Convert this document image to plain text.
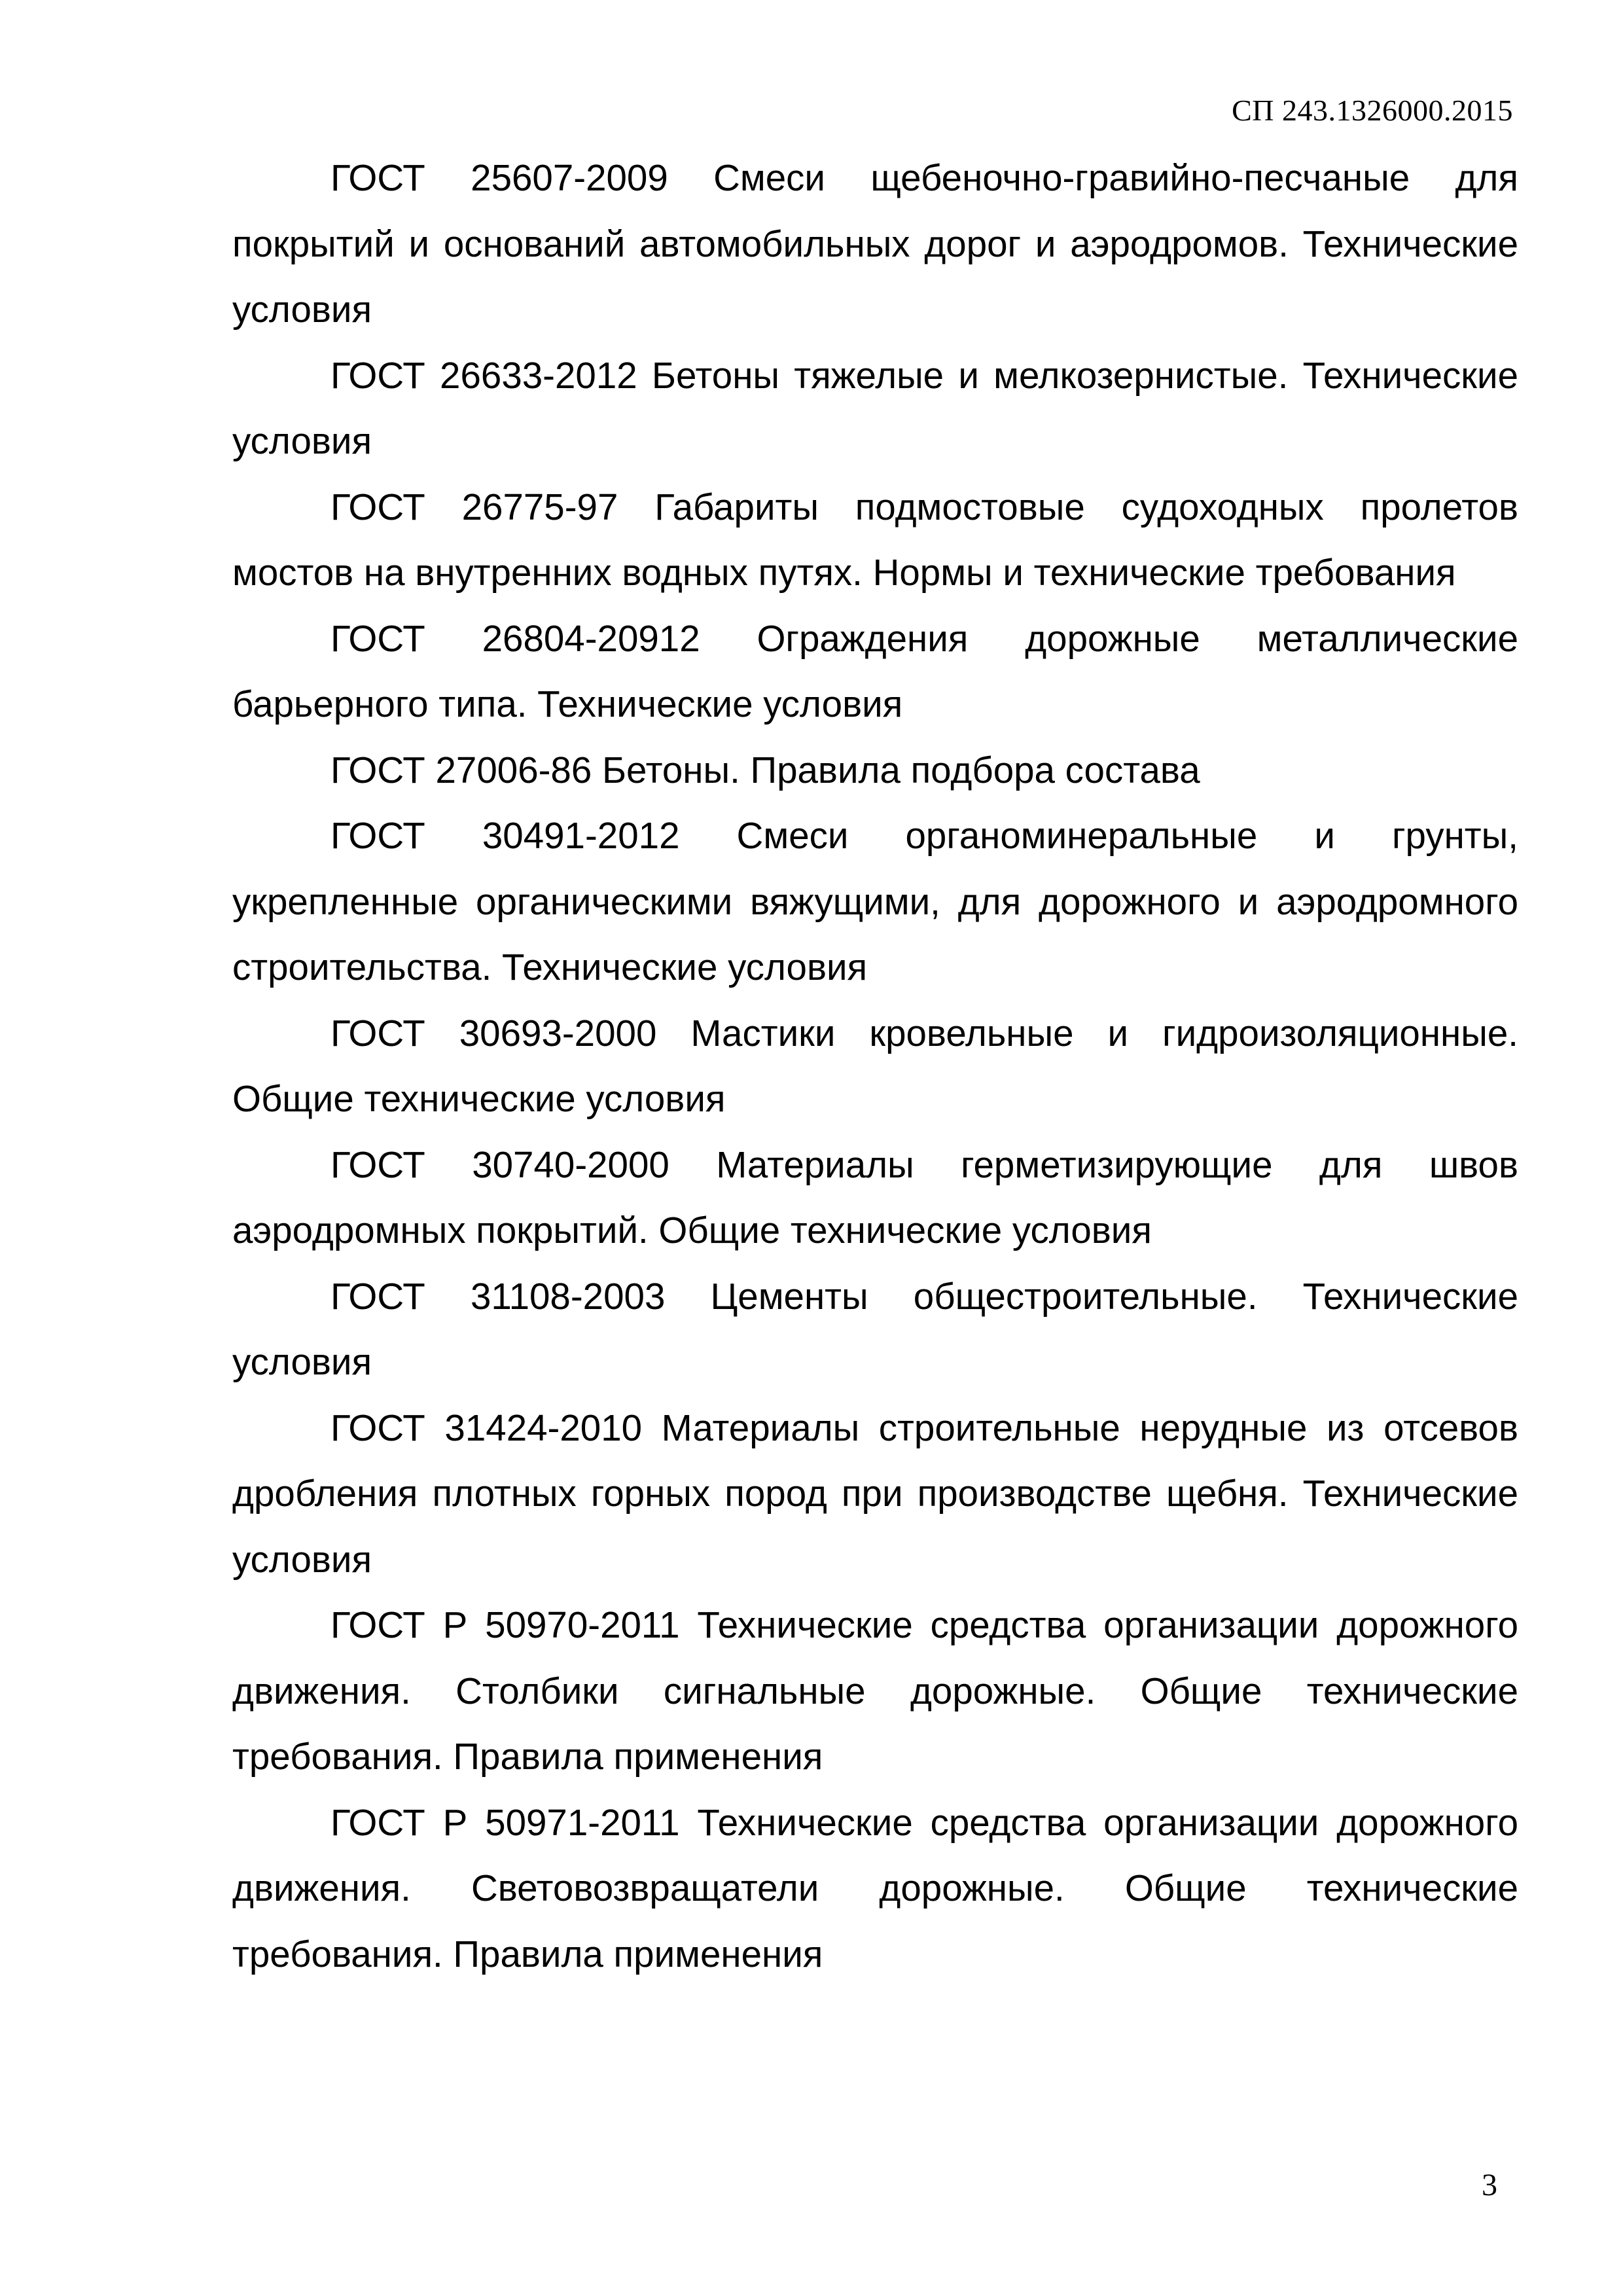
СП 243.1326000.2015

ГОСТ 25607-2009 Смеси щебеночно-гравийно-песчаные для покрытий и оснований автомобильных дорог и аэродромов. Технические условия

ГОСТ 26633-2012 Бетоны тяжелые и мелкозернистые. Технические условия

ГОСТ 26775-97 Габариты подмостовые судоходных пролетов мостов на внутренних водных путях. Нормы и технические требования

ГОСТ 26804-20912 Ограждения дорожные металлические барьерного типа. Технические условия

ГОСТ 27006-86 Бетоны. Правила подбора состава

ГОСТ 30491-2012 Смеси органоминеральные и грунты, укрепленные органическими вяжущими, для дорожного и аэродромного строительства. Технические условия

ГОСТ 30693-2000 Мастики кровельные и гидроизоляционные. Общие технические условия

ГОСТ 30740-2000 Материалы герметизирующие для швов аэродромных покрытий. Общие технические условия

ГОСТ 31108-2003 Цементы общестроительные. Технические условия

ГОСТ 31424-2010 Материалы строительные нерудные из отсевов дробления плотных горных пород при производстве щебня. Технические условия

ГОСТ Р 50970-2011 Технические средства организации дорожного движения. Столбики сигнальные дорожные. Общие технические требования. Правила применения

ГОСТ Р 50971-2011 Технические средства организации дорожного движения. Световозвращатели дорожные. Общие технические требования. Правила применения

3
